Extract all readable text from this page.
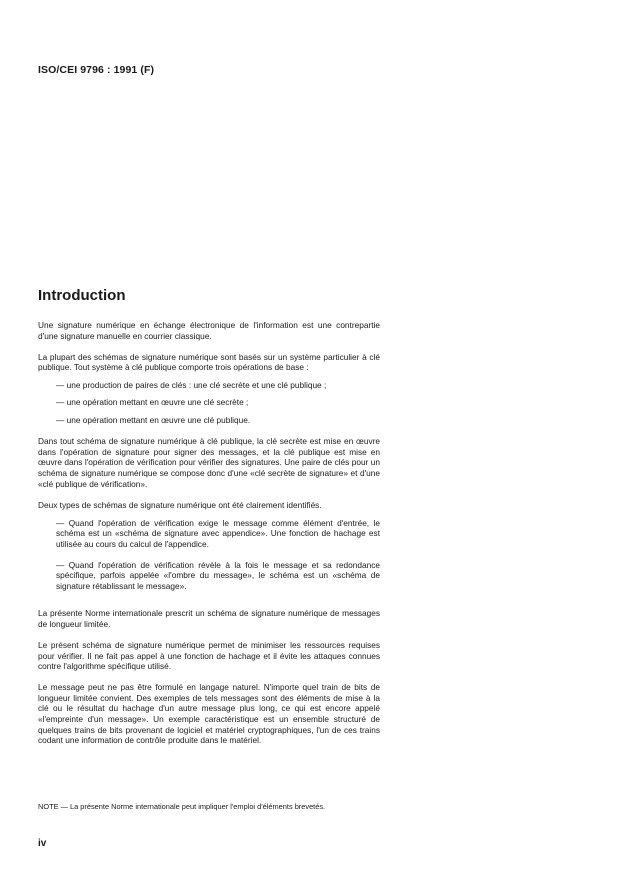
ISO/CEI 9796 : 1991 (F)
Introduction

Une signature numérique en échange électronique de l'information est une contrepartie d'une signature manuelle en courrier classique.

La plupart des schémas de signature numérique sont basés sur un système particulier à clé publique. Tout système à clé publique comporte trois opérations de base :

— une production de paires de clés : une clé secrète et une clé publique ;
— une opération mettant en œuvre une clé secrète ;
— une opération mettant en œuvre une clé publique.

Dans tout schéma de signature numérique à clé publique, la clé secrète est mise en œuvre dans l'opération de signature pour signer des messages, et la clé publique est mise en œuvre dans l'opération de vérification pour vérifier des signatures. Une paire de clés pour un schéma de signature numérique se compose donc d'une «clé secrète de signature» et d'une «clé publique de vérification».

Deux types de schémas de signature numérique ont été clairement identifiés.

— Quand l'opération de vérification exige le message comme élément d'entrée, le schéma est un «schéma de signature avec appendice». Une fonction de hachage est utilisée au cours du calcul de l'appendice.

— Quand l'opération de vérification révèle à la fois le message et sa redondance spécifique, parfois appelée «l'ombre du message», le schéma est un «schéma de signature rétablissant le message».

La présente Norme internationale prescrit un schéma de signature numérique de messages de longueur limitée.

Le présent schéma de signature numérique permet de minimiser les ressources requises pour vérifier. Il ne fait pas appel à une fonction de hachage et il évite les attaques connues contre l'algorithme spécifique utilisé.

Le message peut ne pas être formulé en langage naturel. N'importe quel train de bits de longueur limitée convient. Des exemples de tels messages sont des éléments de mise à la clé ou le résultat du hachage d'un autre message plus long, ce qui est encore appelé «l'empreinte d'un message». Un exemple caractéristique est un ensemble structuré de quelques trains de bits provenant de logiciel et matériel cryptographiques, l'un de ces trains codant une information de contrôle produite dans le matériel.

NOTE — La présente Norme internationale peut impliquer l'emploi d'éléments brevetés.
iv
